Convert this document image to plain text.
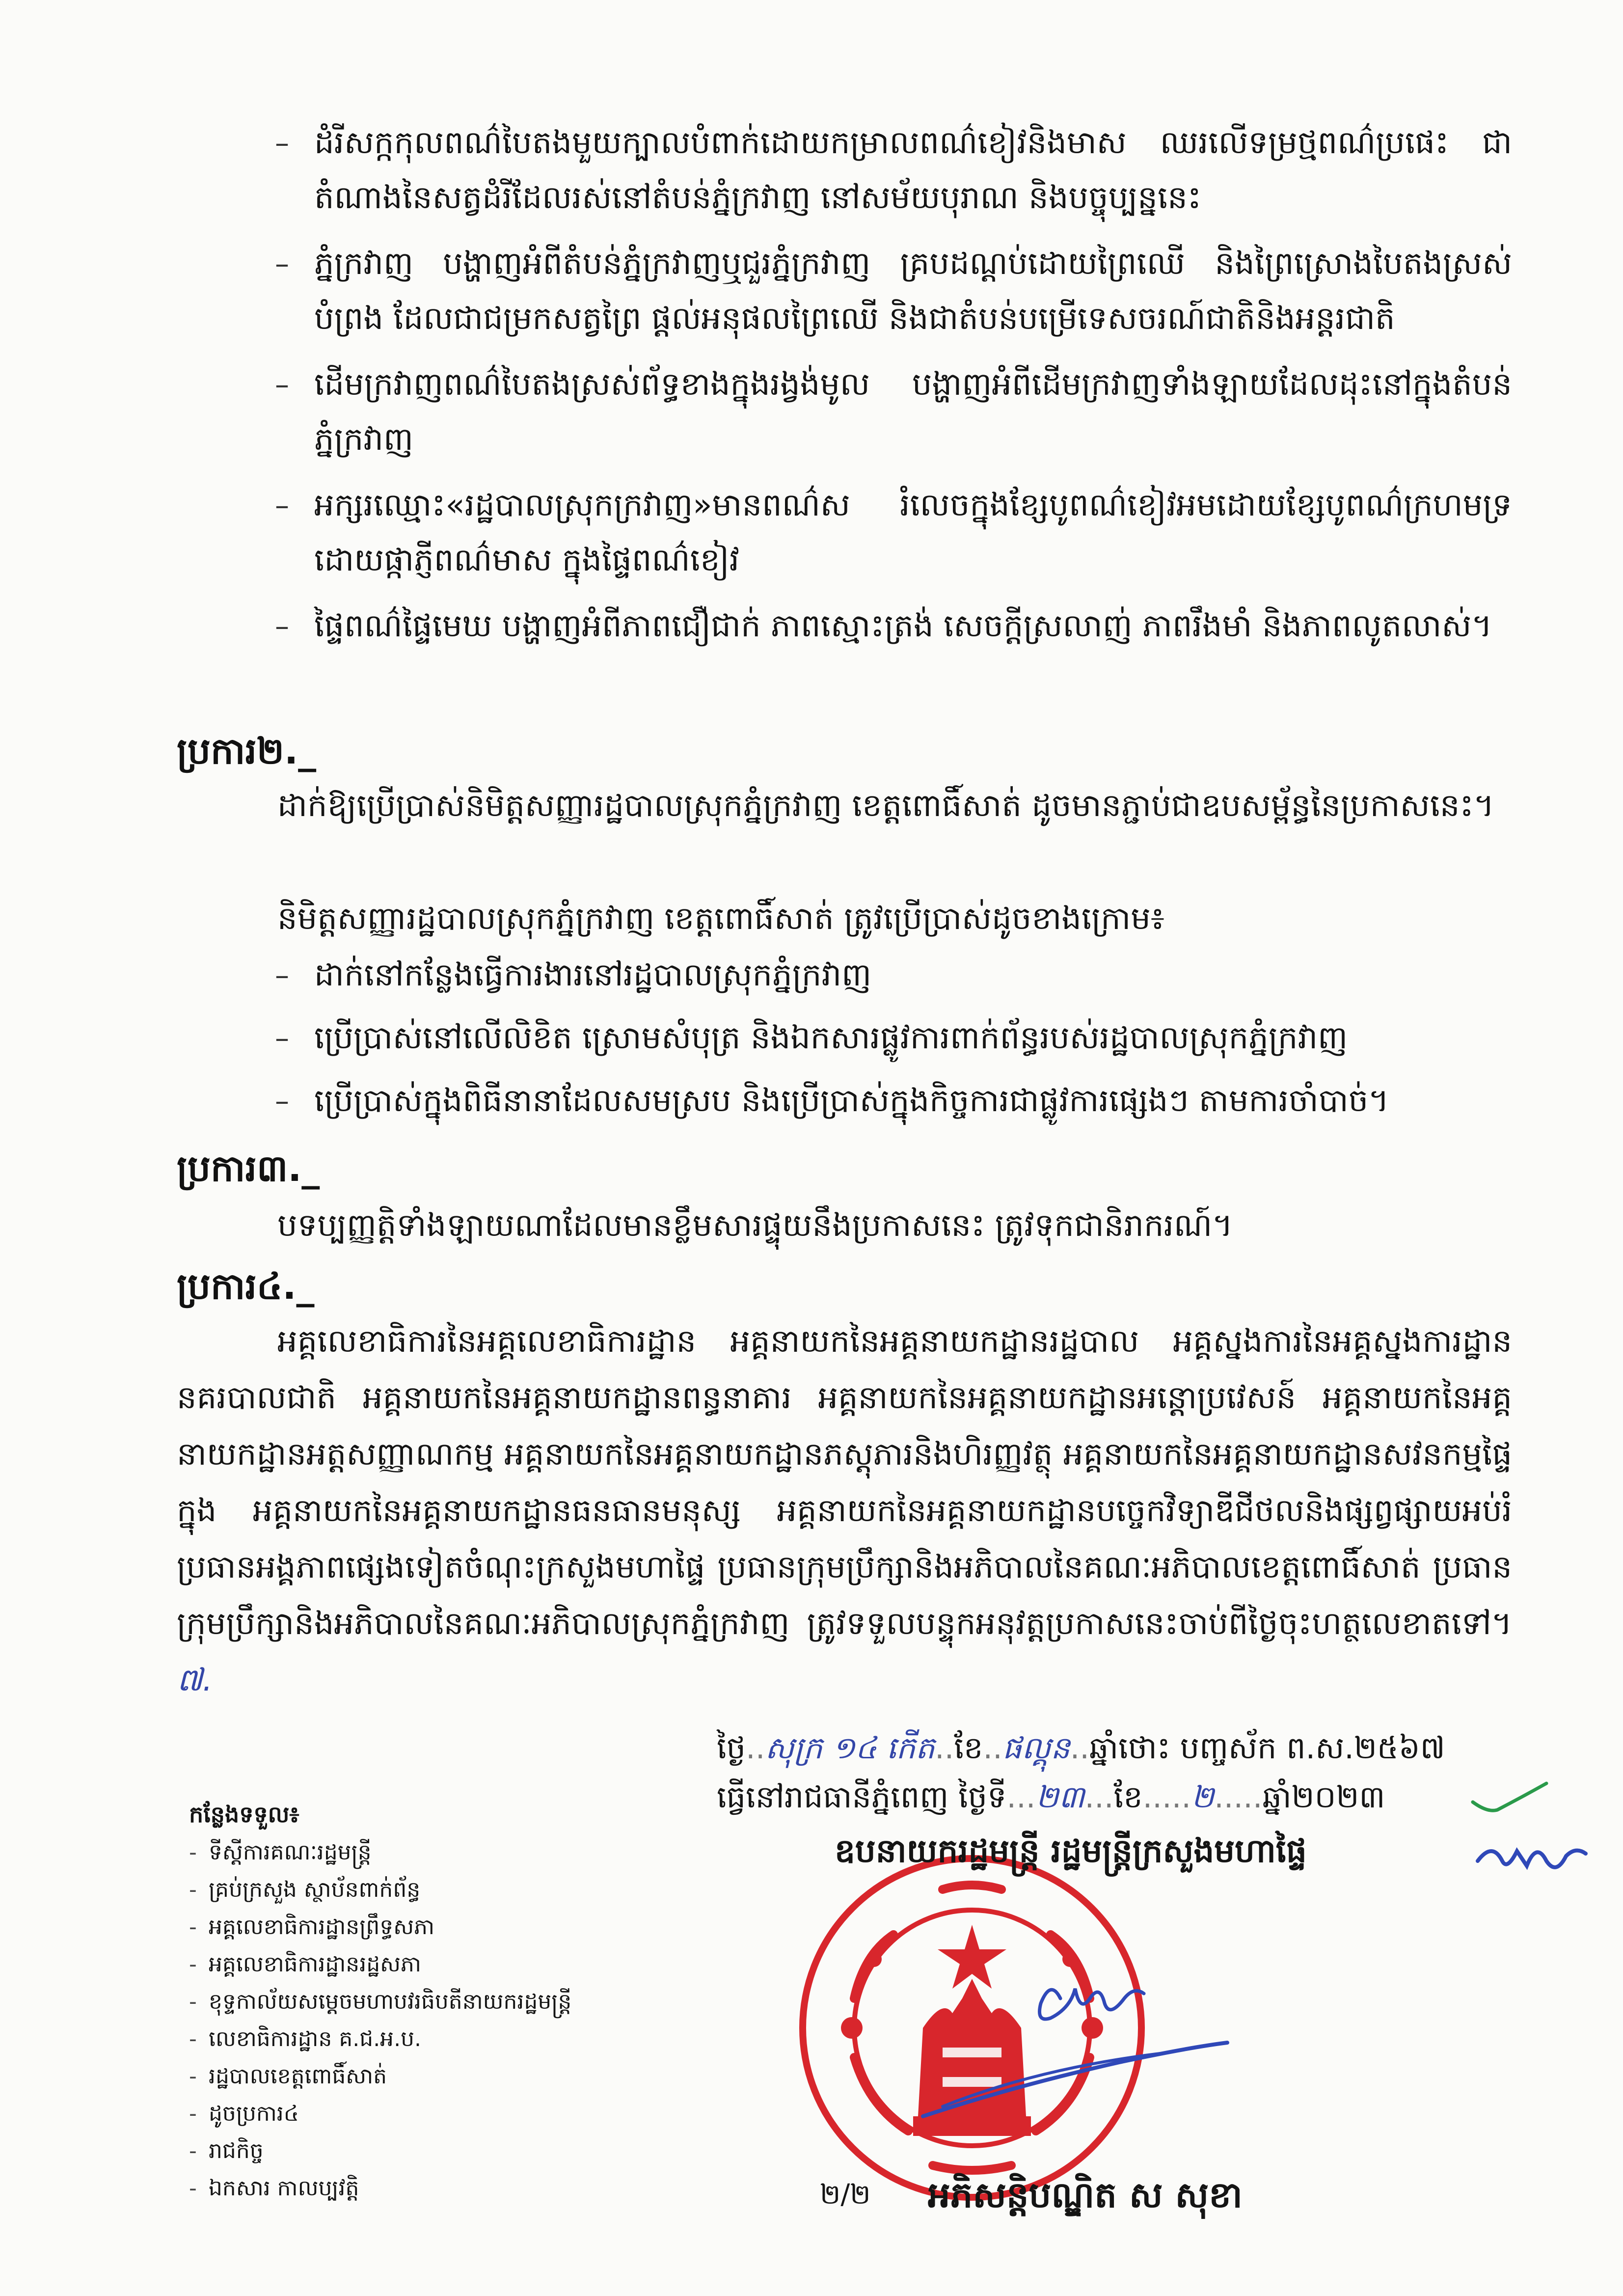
– ដំរីសក្កកុលពណ៌បៃតងមួយក្បាលបំពាក់ដោយកម្រាលពណ៌ខៀវនិងមាស ឈរលើទម្រថ្មពណ៌ប្រផេះ ជាតំណាងនៃសត្វដំរីដែលរស់នៅតំបន់ភ្នំក្រវាញ នៅសម័យបុរាណ និងបច្ចុប្បន្ននេះ
– ភ្នំក្រវាញ បង្ហាញអំពីតំបន់ភ្នំក្រវាញឬជួរភ្នំក្រវាញ គ្របដណ្ដប់ដោយព្រៃឈើ និងព្រៃស្រោងបៃតងស្រស់បំព្រង ដែលជាជម្រកសត្វព្រៃ ផ្ដល់អនុផលព្រៃឈើ និងជាតំបន់បម្រើទេសចរណ៍ជាតិនិងអន្តរជាតិ
– ដើមក្រវាញពណ៌បៃតងស្រស់ព័ទ្ធខាងក្នុងរង្វង់មូល បង្ហាញអំពីដើមក្រវាញទាំងឡាយដែលដុះនៅក្នុងតំបន់ភ្នំក្រវាញ
– អក្សរឈ្មោះ«រដ្ឋបាលស្រុកក្រវាញ»មានពណ៌ស រំលេចក្នុងខ្សែបូពណ៌ខៀវអមដោយខ្សែបូពណ៌ក្រហមទ្រដោយផ្កាភ្ញីពណ៌មាស ក្នុងផ្ទៃពណ៌ខៀវ
– ផ្ទៃពណ៌ផ្ទៃមេឃ បង្ហាញអំពីភាពជឿជាក់ ភាពស្មោះត្រង់ សេចក្ដីស្រលាញ់ ភាពរឹងមាំ និងភាពលូតលាស់។
ប្រការ២._
ដាក់ឱ្យប្រើប្រាស់និមិត្តសញ្ញារដ្ឋបាលស្រុកភ្នំក្រវាញ ខេត្តពោធិ៍សាត់ ដូចមានភ្ជាប់ជាឧបសម្ព័ន្ធនៃប្រកាសនេះ។
និមិត្តសញ្ញារដ្ឋបាលស្រុកភ្នំក្រវាញ ខេត្តពោធិ៍សាត់ ត្រូវប្រើប្រាស់ដូចខាងក្រោម៖
– ដាក់នៅកន្លែងធ្វើការងារនៅរដ្ឋបាលស្រុកភ្នំក្រវាញ
– ប្រើប្រាស់នៅលើលិខិត ស្រោមសំបុត្រ និងឯកសារផ្លូវការពាក់ព័ន្ធរបស់រដ្ឋបាលស្រុកភ្នំក្រវាញ
– ប្រើប្រាស់ក្នុងពិធីនានាដែលសមស្រប និងប្រើប្រាស់ក្នុងកិច្ចការជាផ្លូវការផ្សេងៗ តាមការចាំបាច់។
ប្រការ៣._
បទប្បញ្ញត្តិទាំងឡាយណាដែលមានខ្លឹមសារផ្ទុយនឹងប្រកាសនេះ ត្រូវទុកជានិរាករណ៍។
ប្រការ៤._
អគ្គលេខាធិការនៃអគ្គលេខាធិការដ្ឋាន អគ្គនាយកនៃអគ្គនាយកដ្ឋានរដ្ឋបាល អគ្គស្នងការនៃអគ្គស្នងការដ្ឋាននគរបាលជាតិ អគ្គនាយកនៃអគ្គនាយកដ្ឋានពន្ធនាគារ អគ្គនាយកនៃអគ្គនាយកដ្ឋានអន្តោប្រវេសន៍ អគ្គនាយកនៃអគ្គនាយកដ្ឋានអត្តសញ្ញាណកម្ម អគ្គនាយកនៃអគ្គនាយកដ្ឋានភស្តុភារនិងហិរញ្ញវត្ថុ អគ្គនាយកនៃអគ្គនាយកដ្ឋានសវនកម្មផ្ទៃក្នុង អគ្គនាយកនៃអគ្គនាយកដ្ឋានធនធានមនុស្ស អគ្គនាយកនៃអគ្គនាយកដ្ឋានបច្ចេកវិទ្យាឌីជីថលនិងផ្សព្វផ្សាយអប់រំ ប្រធានអង្គភាពផ្សេងទៀតចំណុះក្រសួងមហាផ្ទៃ ប្រធានក្រុមប្រឹក្សានិងអភិបាលនៃគណៈអភិបាលខេត្តពោធិ៍សាត់ ប្រធានក្រុមប្រឹក្សានិងអភិបាលនៃគណៈអភិបាលស្រុកភ្នំក្រវាញ ត្រូវទទួលបន្ទុកអនុវត្តប្រកាសនេះចាប់ពីថ្ងៃចុះហត្ថលេខាតទៅ។៧.
ថ្ងៃ..សុក្រ ១៤ កើត..ខែ..ផល្គុន..ឆ្នាំថោះ បញ្ចស័ក ព.ស.២៥៦៧
ធ្វើនៅរាជធានីភ្នំពេញ ថ្ងៃទី...២៣...ខែ.....២.....ឆ្នាំ២០២៣
កន្លែងទទួល៖
- ទីស្ដីការគណៈរដ្ឋមន្ត្រី
- គ្រប់ក្រសួង ស្ថាប័នពាក់ព័ន្ធ
- អគ្គលេខាធិការដ្ឋានព្រឹទ្ធសភា
- អគ្គលេខាធិការដ្ឋានរដ្ឋសភា
- ខុទ្ទកាល័យសម្ដេចមហាបវរធិបតីនាយករដ្ឋមន្ត្រី
- លេខាធិការដ្ឋាន គ.ជ.អ.ប.
- រដ្ឋបាលខេត្តពោធិ៍សាត់
- ដូចប្រការ៤
- រាជកិច្ច
- ឯកសារ កាលប្បវត្តិ
ឧបនាយករដ្ឋមន្ត្រី រដ្ឋមន្ត្រីក្រសួងមហាផ្ទៃ
អភិសន្តិបណ្ឌិត ស សុខា
២/២
